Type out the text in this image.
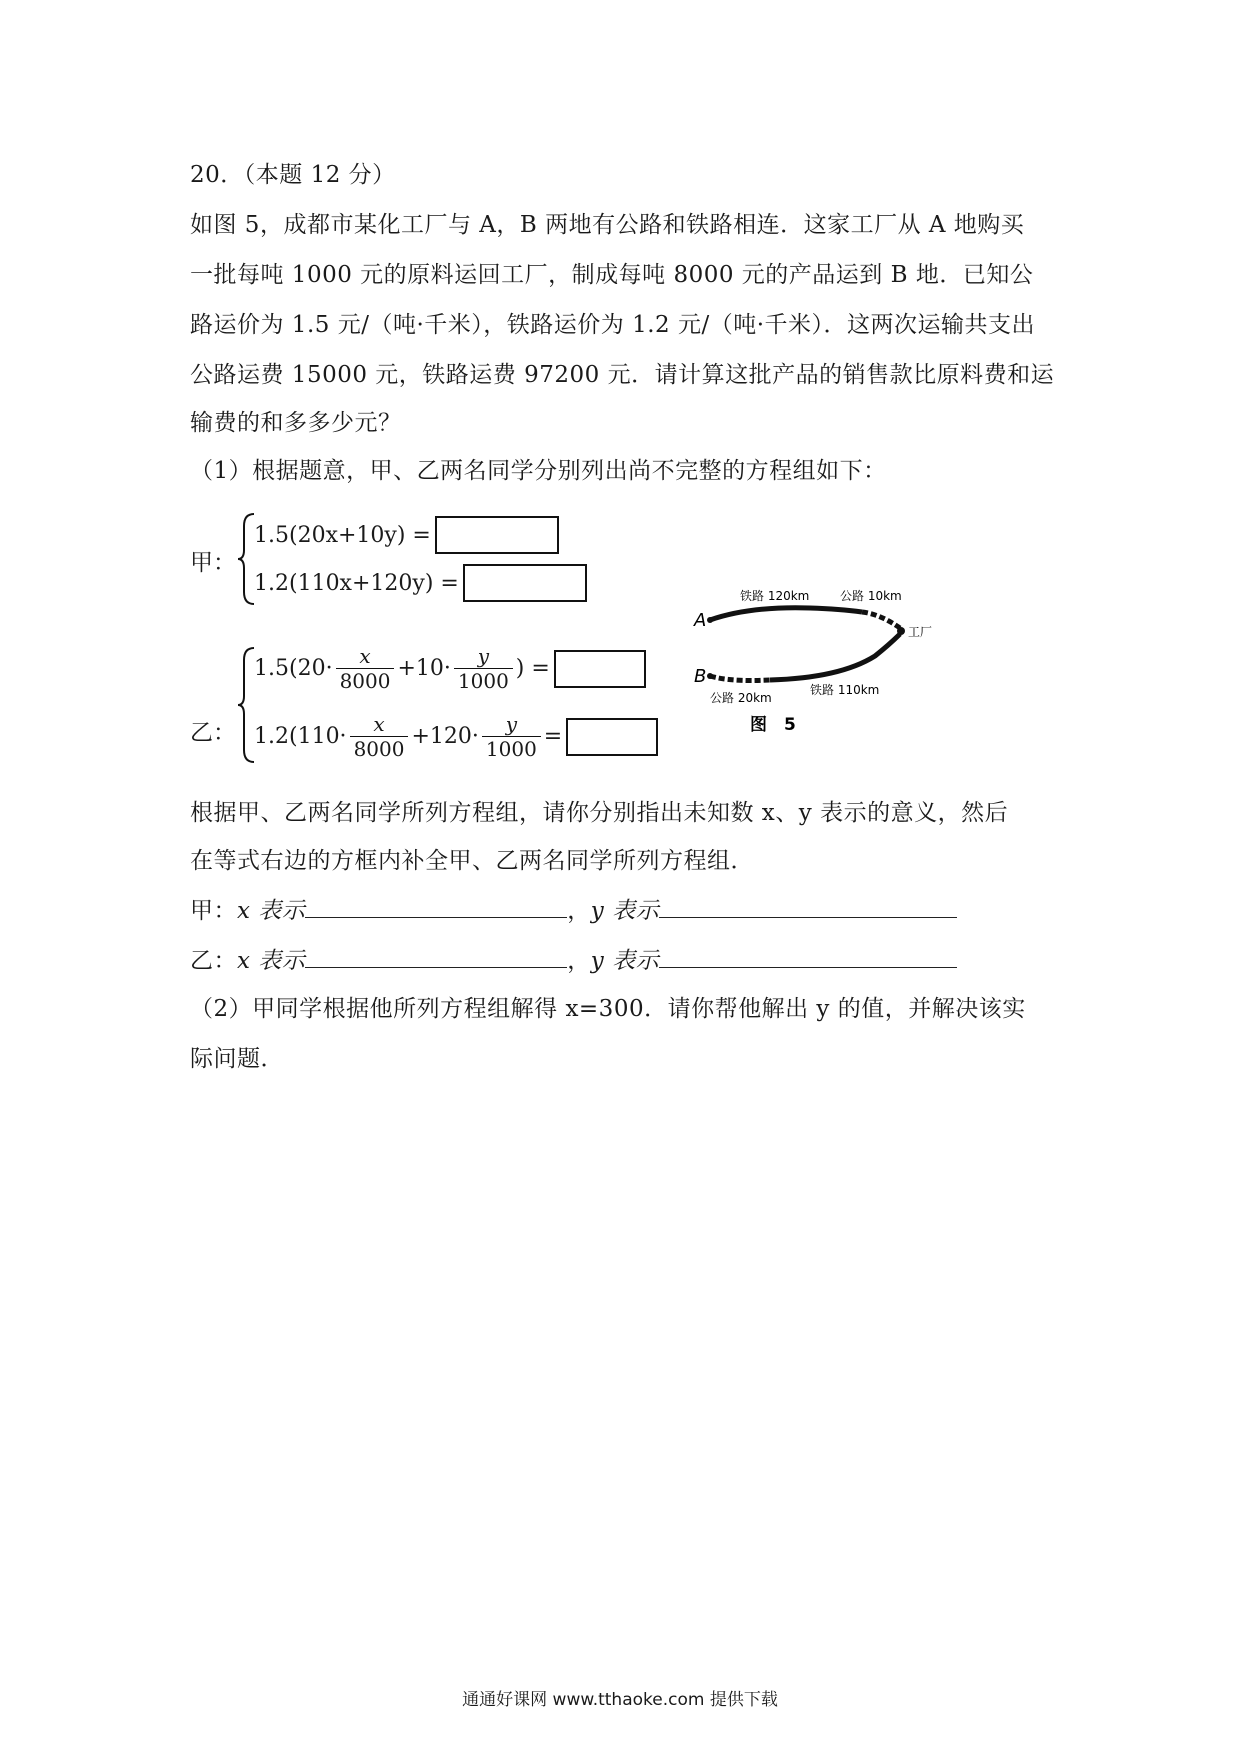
20．（本题 12 分）
如图 5，成都市某化工厂与 A，B 两地有公路和铁路相连．这家工厂从 A 地购买
一批每吨 1000 元的原料运回工厂，制成每吨 8000 元的产品运到 B 地．已知公
路运价为 1.5 元/（吨·千米），铁路运价为 1.2 元/（吨·千米）．这两次运输共支出
公路运费 15000 元，铁路运费 97200 元．请计算这批产品的销售款比原料费和运
输费的和多多少元？
（1）根据题意，甲、乙两名同学分别列出尚不完整的方程组如下：
甲：
1.5(20x+10y) =
1.2(110x+120y) =
乙：
$1.5(20\cdot \frac{x}{8000} +10\cdot \frac{y}{1000}$ ) =
$1.2(110\cdot \frac{x}{8000} +120\cdot \frac{y}{1000}$ =
A
B
铁路 120km	公路 10km
工厂
公路 20km
铁路 110km
图　5
根据甲、乙两名同学所列方程组，请你分别指出未知数 x、y 表示的意义，然后
在等式右边的方框内补全甲、乙两名同学所列方程组．
甲：x 表示	，y 表示
乙：x 表示	，y 表示
（2）甲同学根据他所列方程组解得 x=300．请你帮他解出 y 的值，并解决该实
际问题．
通通好课网 www.tthaoke.com 提供下载
